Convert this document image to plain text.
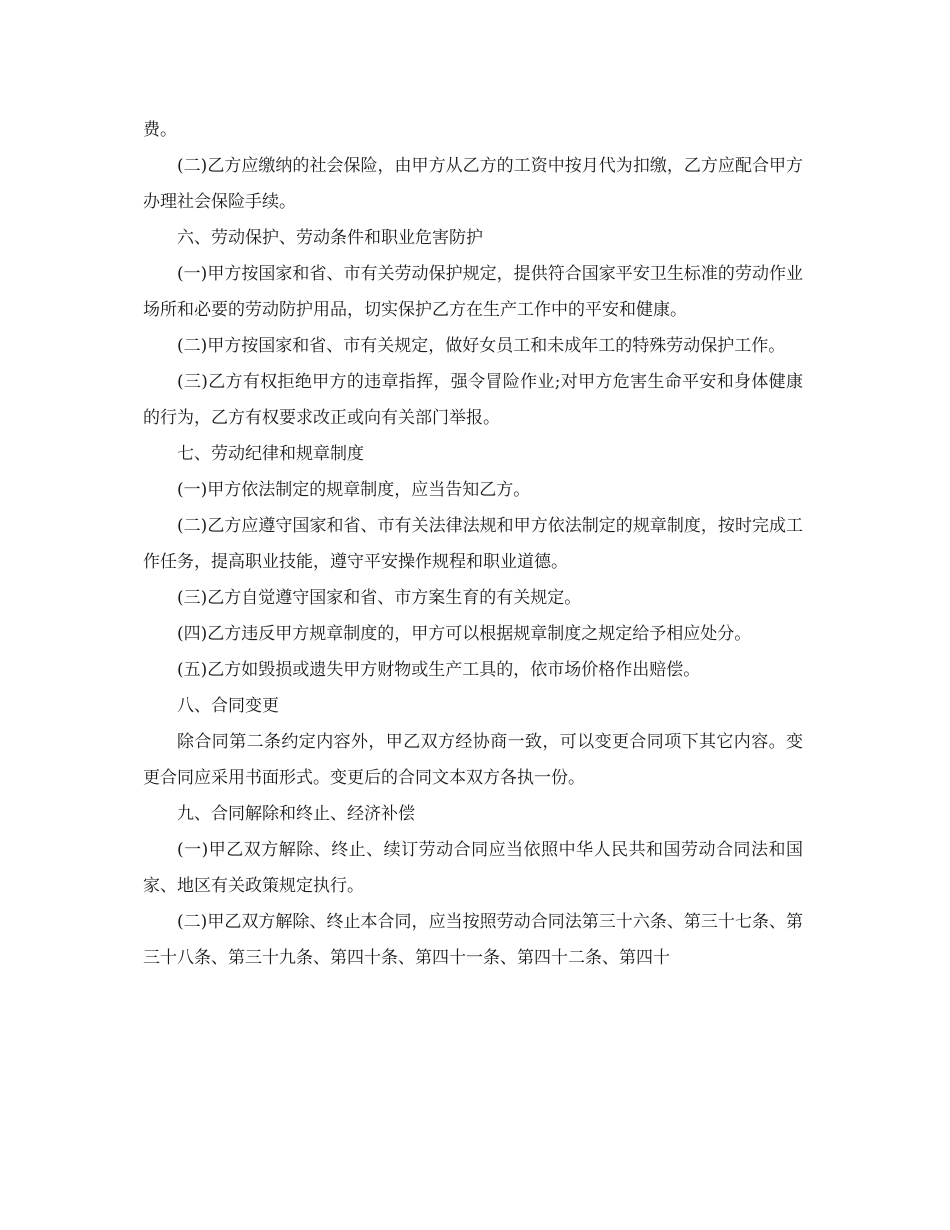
费。

(二)乙方应缴纳的社会保险，由甲方从乙方的工资中按月代为扣缴，乙方应配合甲方办理社会保险手续。

六、劳动保护、劳动条件和职业危害防护

(一)甲方按国家和省、市有关劳动保护规定，提供符合国家平安卫生标准的劳动作业场所和必要的劳动防护用品，切实保护乙方在生产工作中的平安和健康。

(二)甲方按国家和省、市有关规定，做好女员工和未成年工的特殊劳动保护工作。

(三)乙方有权拒绝甲方的违章指挥，强令冒险作业;对甲方危害生命平安和身体健康的行为，乙方有权要求改正或向有关部门举报。

七、劳动纪律和规章制度

(一)甲方依法制定的规章制度，应当告知乙方。

(二)乙方应遵守国家和省、市有关法律法规和甲方依法制定的规章制度，按时完成工作任务，提高职业技能，遵守平安操作规程和职业道德。

(三)乙方自觉遵守国家和省、市方案生育的有关规定。

(四)乙方违反甲方规章制度的，甲方可以根据规章制度之规定给予相应处分。

(五)乙方如毁损或遗失甲方财物或生产工具的，依市场价格作出赔偿。

八、合同变更

除合同第二条约定内容外，甲乙双方经协商一致，可以变更合同项下其它内容。变更合同应采用书面形式。变更后的合同文本双方各执一份。

九、合同解除和终止、经济补偿

(一)甲乙双方解除、终止、续订劳动合同应当依照中华人民共和国劳动合同法和国家、地区有关政策规定执行。

(二)甲乙双方解除、终止本合同，应当按照劳动合同法第三十六条、第三十七条、第三十八条、第三十九条、第四十条、第四十一条、第四十二条、第四十
